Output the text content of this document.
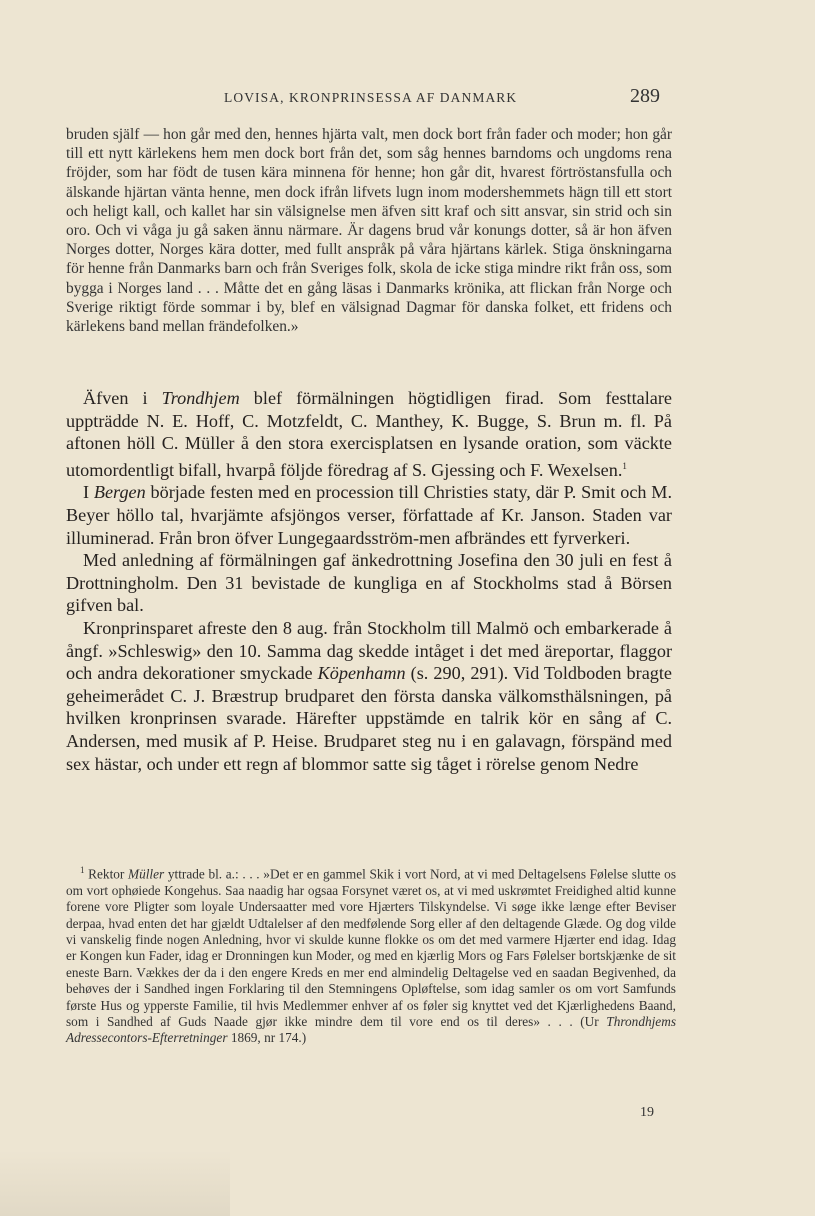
LOVISA, KRONPRINSESSA AF DANMARK	289

bruden själf — hon går med den, hennes hjärta valt, men dock bort från fader och moder; hon går till ett nytt kärlekens hem men dock bort från det, som såg hennes barndoms och ungdoms rena fröjder, som har födt de tusen kära minnena för henne; hon går dit, hvarest förtröstansfulla och älskande hjärtan vänta henne, men dock ifrån lifvets lugn inom modershemmets hägn till ett stort och heligt kall, och kallet har sin välsignelse men äfven sitt kraf och sitt ansvar, sin strid och sin oro. Och vi våga ju gå saken ännu närmare. Är dagens brud vår konungs dotter, så är hon äfven Norges dotter, Norges kära dotter, med fullt anspråk på våra hjärtans kärlek. Stiga önskningarna för henne från Danmarks barn och från Sveriges folk, skola de icke stiga mindre rikt från oss, som bygga i Norges land . . . Måtte det en gång läsas i Danmarks krönika, att flickan från Norge och Sverige riktigt förde sommar i by, blef en välsignad Dagmar för danska folket, ett fridens och kärlekens band mellan frändefolken.»

Äfven i Trondhjem blef förmälningen högtidligen firad. Som festtalare uppträdde N. E. Hoff, C. Motzfeldt, C. Manthey, K. Bugge, S. Brun m. fl. På aftonen höll C. Müller å den stora exercisplatsen en lysande oration, som väckte utomordentligt bifall, hvarpå följde föredrag af S. Gjessing och F. Wexelsen.$^1$

I Bergen började festen med en procession till Christies staty, där P. Smit och M. Beyer höllo tal, hvarjämte afsjöngos verser, författade af Kr. Janson. Staden var illuminerad. Från bron öfver Lungegaardsström-men afbrändes ett fyrverkeri.

Med anledning af förmälningen gaf änkedrottning Josefina den 30 juli en fest å Drottningholm. Den 31 bevistade de kungliga en af Stockholms stad å Börsen gifven bal.

Kronprinsparet afreste den 8 aug. från Stockholm till Malmö och embarkerade å ångf. »Schleswig» den 10. Samma dag skedde intåget i det med äreportar, flaggor och andra dekorationer smyckade Köpenhamn (s. 290, 291). Vid Toldboden bragte geheimerådet C. J. Bræstrup brudparet den första danska välkomsthälsningen, på hvilken kronprinsen svarade. Härefter uppstämde en talrik kör en sång af C. Andersen, med musik af P. Heise. Brudparet steg nu i en galavagn, förspänd med sex hästar, och under ett regn af blommor satte sig tåget i rörelse genom Nedre

$^1$ Rektor Müller yttrade bl. a.: . . . »Det er en gammel Skik i vort Nord, at vi med Deltagelsens Følelse slutte os om vort ophøiede Kongehus. Saa naadig har ogsaa Forsynet været os, at vi med uskrømtet Freidighed altid kunne forene vore Pligter som loyale Undersaatter med vore Hjærters Tilskyndelse. Vi søge ikke længe efter Beviser derpaa, hvad enten det har gjældt Udtalelser af den medfølende Sorg eller af den deltagende Glæde. Og dog vilde vi vanskelig finde nogen Anledning, hvor vi skulde kunne flokke os om det med varmere Hjærter end idag. Idag er Kongen kun Fader, idag er Dronningen kun Moder, og med en kjærlig Mors og Fars Følelser bortskjænke de sit eneste Barn. Vækkes der da i den engere Kreds en mer end almindelig Deltagelse ved en saadan Begivenhed, da behøves der i Sandhed ingen Forklaring til den Stemningens Opløftelse, som idag samler os om vort Samfunds første Hus og ypperste Familie, til hvis Medlemmer enhver af os føler sig knyttet ved det Kjærlighedens Baand, som i Sandhed af Guds Naade gjør ikke mindre dem til vore end os til deres» . . . (Ur Throndhjems Adressecontors-Efterretninger 1869, nr 174.)

19
